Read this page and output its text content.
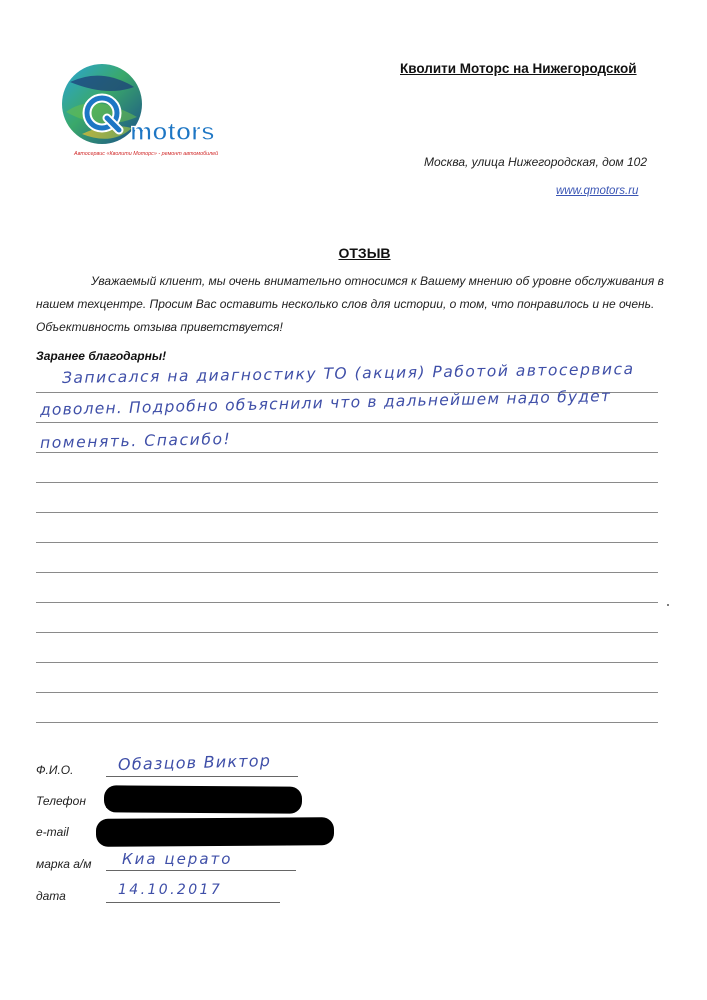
motors
Автосервис «Кволити Моторс» - ремонт автомобилей
Кволити Моторс на Нижегородской
Москва, улица Нижегородская, дом 102
www.qmotors.ru
ОТЗЫВ
Уважаемый клиент, мы очень внимательно относимся к Вашему мнению об уровне обслуживания в нашем техцентре. Просим Вас оставить несколько слов для истории, о том, что понравилось и не очень. Объективность отзыва приветствуется!
Заранее благодарны!
Записался на диагностику ТО (акция) Работой автосервиса
доволен. Подробно объяснили что в дальнейшем надо будет
поменять. Спасибо!
Ф.И.О.	Обазцов Виктор
Телефон
e-mail
марка а/м Киа церато
дата	14.10.2017
